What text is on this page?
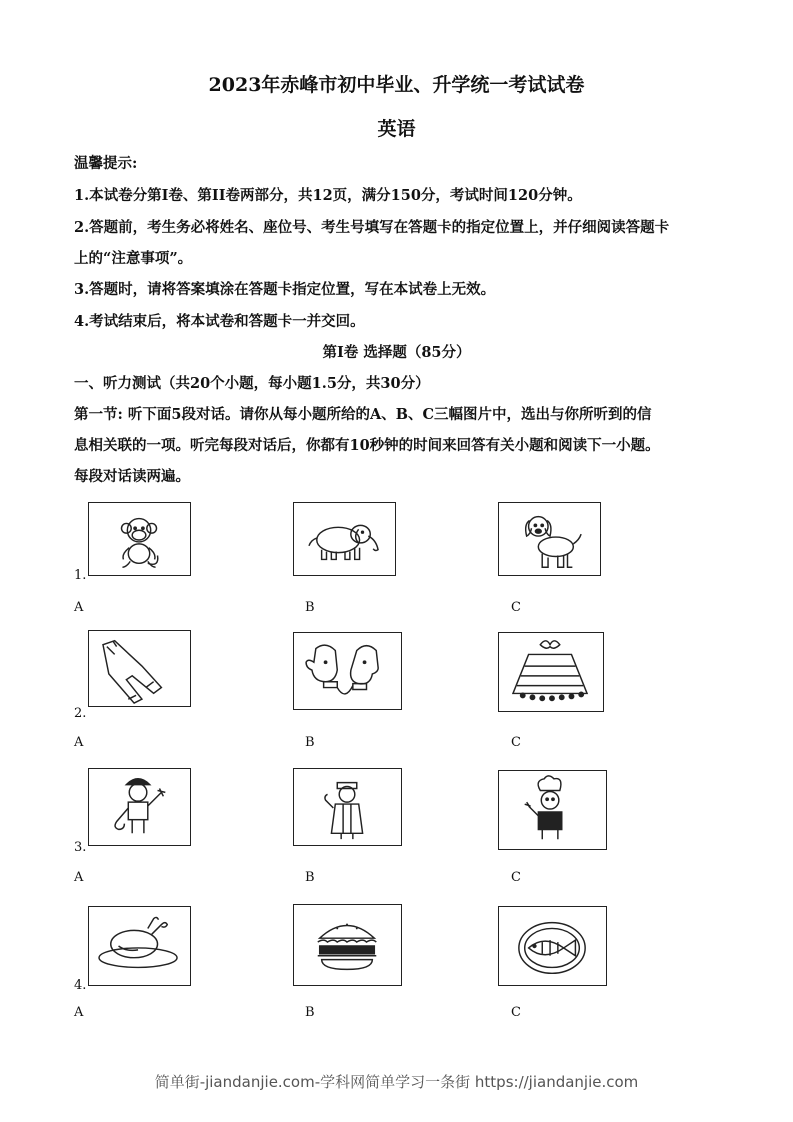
2023年赤峰市初中毕业、升学统一考试试卷
英语
温馨提示:
1.本试卷分第I卷、第II卷两部分，共12页，满分150分，考试时间120分钟。
2.答题前，考生务必将姓名、座位号、考生号填写在答题卡的指定位置上，并仔细阅读答题卡
上的“注意事项”。
3.答题时，请将答案填涂在答题卡指定位置，写在本试卷上无效。
4.考试结束后，将本试卷和答题卡一并交回。
第I卷 选择题（85分）
一、听力测试（共20个小题，每小题1.5分，共30分）
第一节: 听下面5段对话。请你从每小题所给的A、B、C三幅图片中，选出与你所听到的信
息相关联的一项。听完每段对话后，你都有10秒钟的时间来回答有关小题和阅读下一小题。
每段对话读两遍。
1.
A	B	C
2.
A	B	C
3.
A	B	C
4.
A	B	C
简单街-jiandanjie.com-学科网简单学习一条街 https://jiandanjie.com
